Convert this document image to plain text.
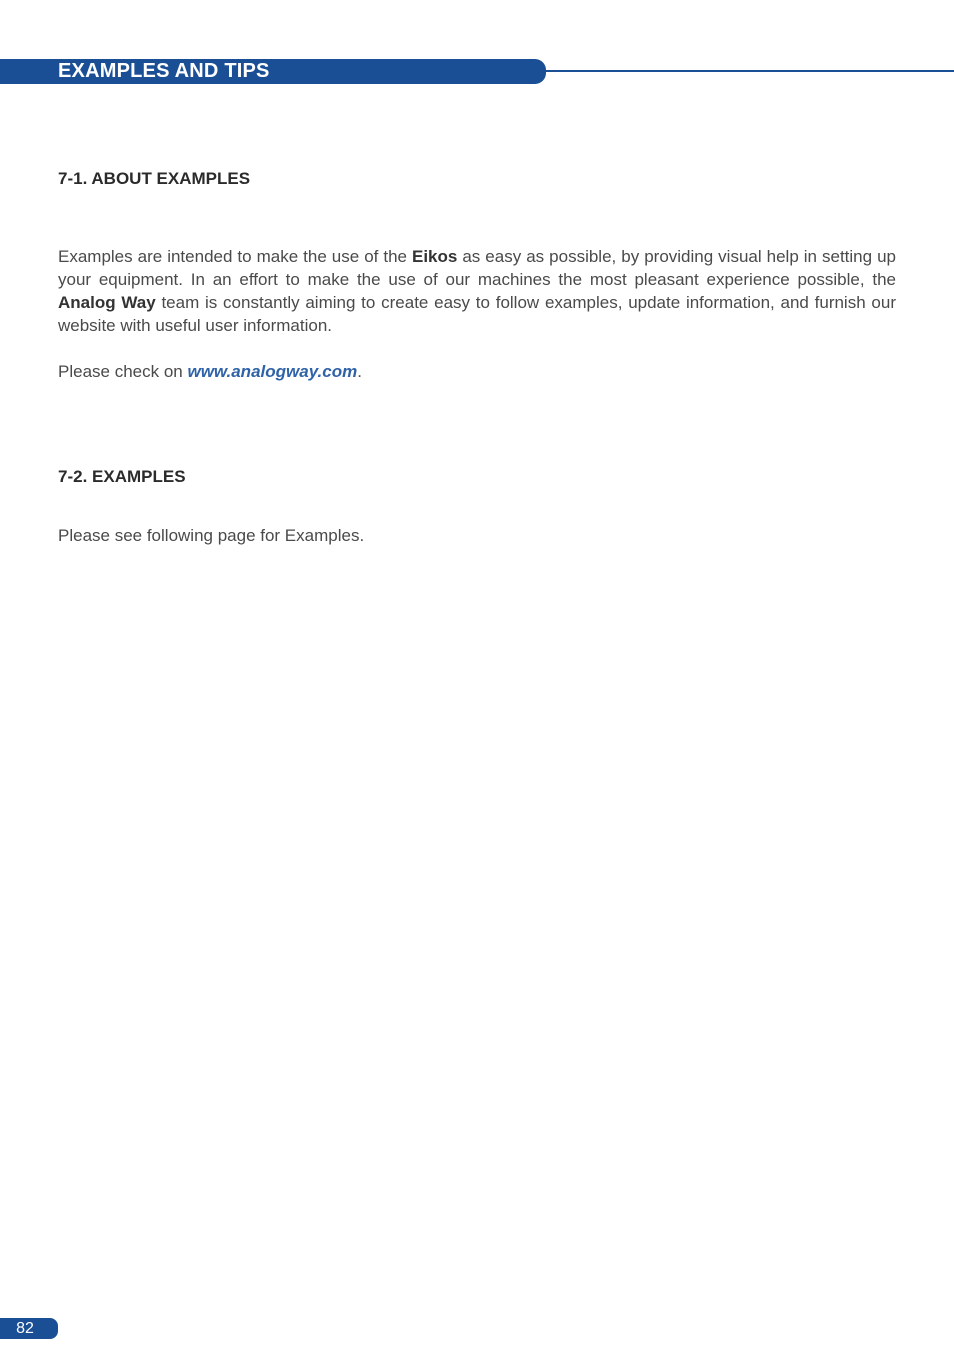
EXAMPLES AND TIPS
7-1. ABOUT EXAMPLES

Examples are intended to make the use of the Eikos as easy as possible, by providing visual help in setting up your equipment. In an effort to make the use of our machines the most pleasant experience possible, the Analog Way team is constantly aiming to create easy to follow examples, update information, and furnish our website with useful user information.

Please check on www.analogway.com.

7-2. EXAMPLES

Please see following page for Examples.

82
